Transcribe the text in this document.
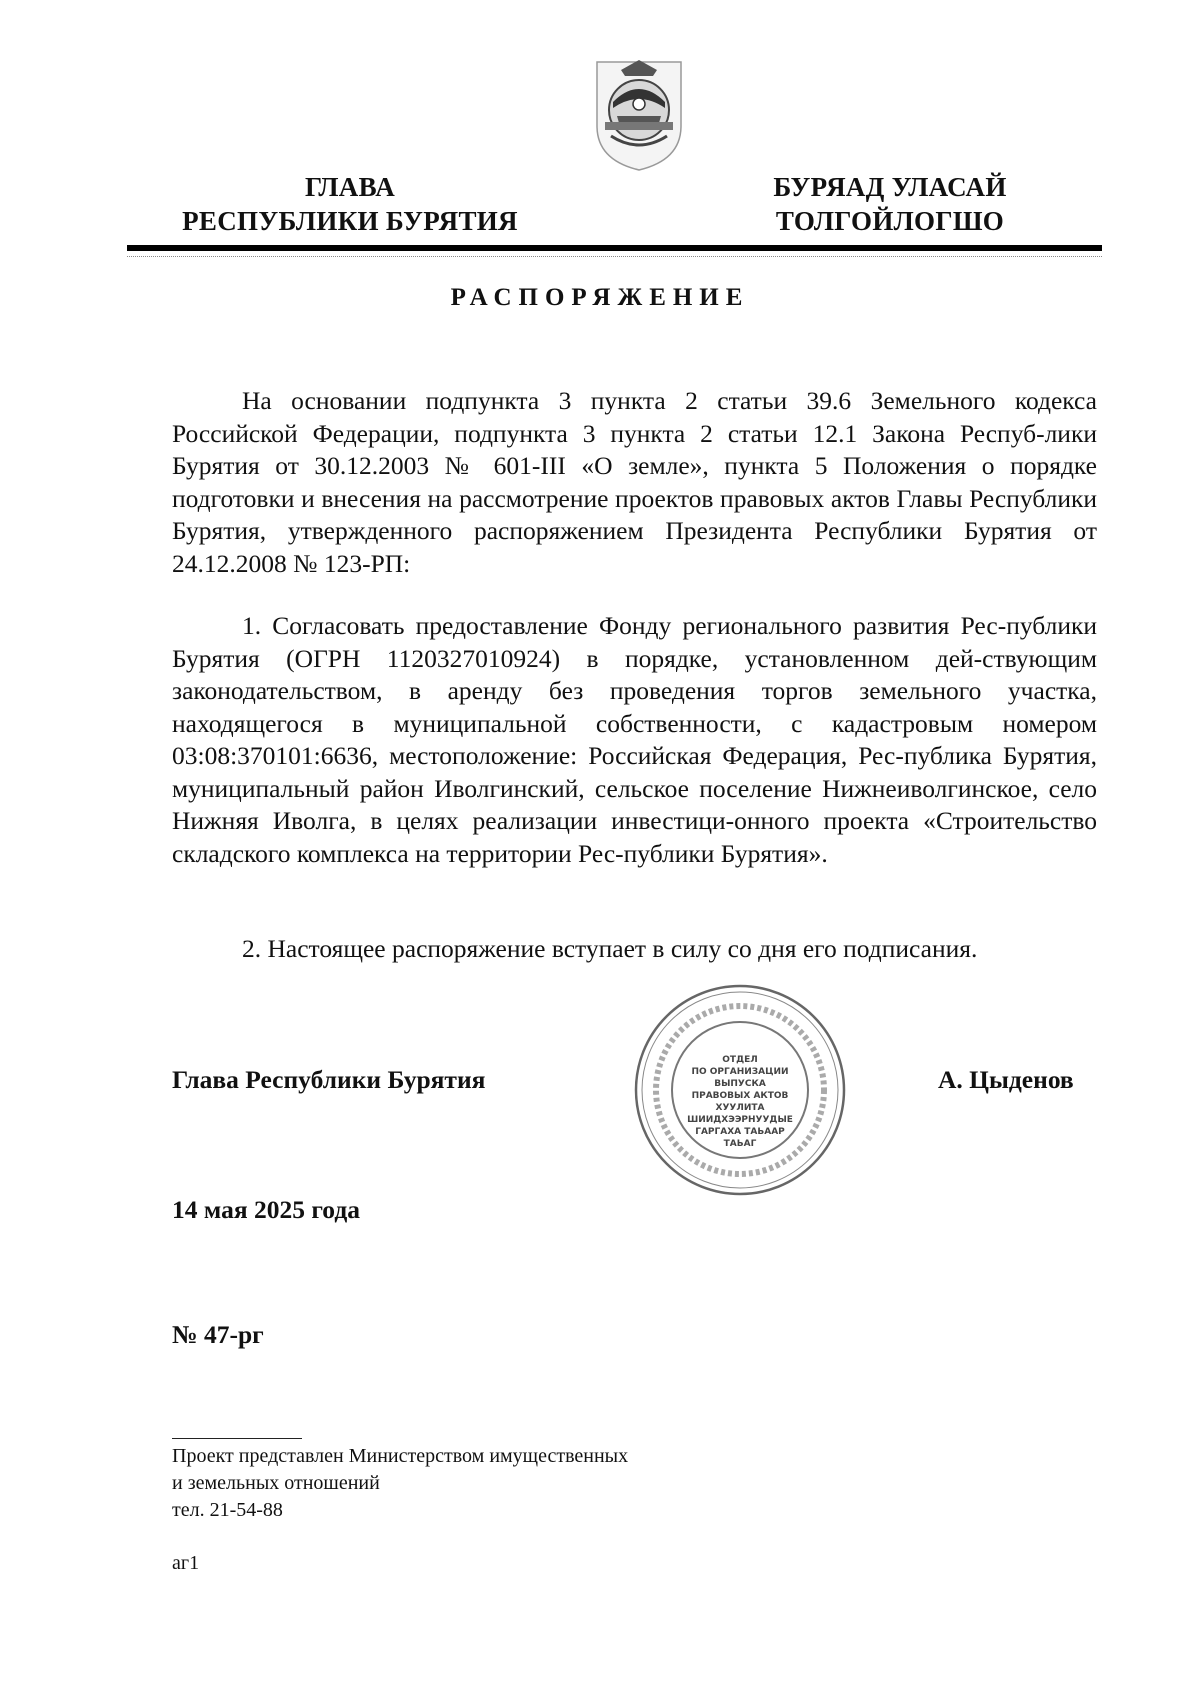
ГЛАВА
РЕСПУБЛИКИ БУРЯТИЯ
БУРЯАД УЛАСАЙ
ТОЛГОЙЛОГШО
РАСПОРЯЖЕНИЕ
На основании подпункта 3 пункта 2 статьи 39.6 Земельного кодекса Российской Федерации, подпункта 3 пункта 2 статьи 12.1 Закона Респуб-лики Бурятия от 30.12.2003 № 601-III «О земле», пункта 5 Положения о порядке подготовки и внесения на рассмотрение проектов правовых актов Главы Республики Бурятия, утвержденного распоряжением Президента Республики Бурятия от 24.12.2008 № 123-РП:
1. Согласовать предоставление Фонду регионального развития Рес-публики Бурятия (ОГРН 1120327010924) в порядке, установленном дей-ствующим законодательством, в аренду без проведения торгов земельного участка, находящегося в муниципальной собственности, с кадастровым номером 03:08:370101:6636, местоположение: Российская Федерация, Рес-публика Бурятия, муниципальный район Иволгинский, сельское поселение Нижнеиволгинское, село Нижняя Иволга, в целях реализации инвестици-онного проекта «Строительство складского комплекса на территории Рес-публики Бурятия».
2. Настоящее распоряжение вступает в силу со дня его подписания.
Глава Республики Бурятия	А. Цыденов
ОТДЕЛ
ПО ОРГАНИЗАЦИИ
ВЫПУСКА
ПРАВОВЫХ АКТОВ
ХУУЛИТА
ШИИДХЭЭРНУУДЫЕ
ГАРГАХА ТАЬААР
ТАЬАГ
14 мая 2025 года
№ 47-рг
Проект представлен Министерством имущественных
и земельных отношений
тел. 21-54-88
аг1
